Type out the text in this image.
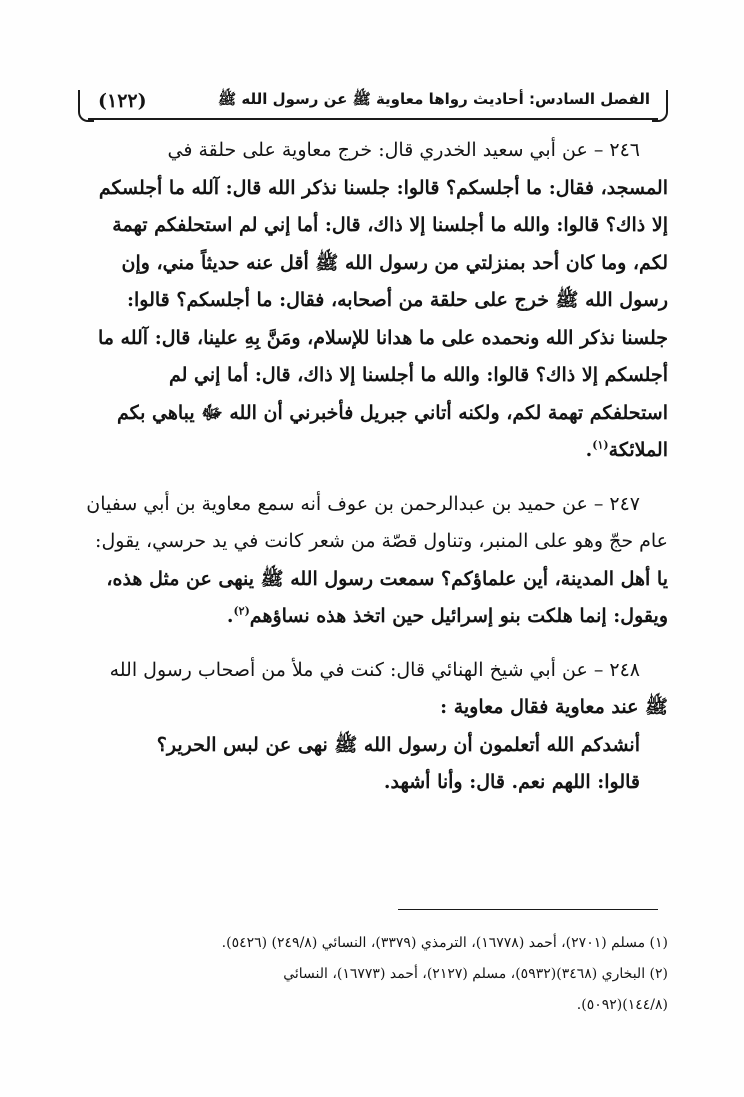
الفصل السادس: أحاديث رواها معاوية ﷺ عن رسول الله ﷺ
(١٢٢)
٢٤٦ – عن أبي سعيد الخدري قال: خرج معاوية على حلقة في
المسجد، فقال: ما أجلسكم؟ قالوا: جلسنا نذكر الله قال: آلله ما أجلسكم
إلا ذاك؟ قالوا: والله ما أجلسنا إلا ذاك، قال: أما إني لم استحلفكم تهمة
لكم، وما كان أحد بمنزلتي من رسول الله ﷺ أقل عنه حديثاً مني، وإن
رسول الله ﷺ خرج على حلقة من أصحابه، فقال: ما أجلسكم؟ قالوا:
جلسنا نذكر الله ونحمده على ما هدانا للإسلام، ومَنَّ بِهِ علينا، قال: آلله ما
أجلسكم إلا ذاك؟ قالوا: والله ما أجلسنا إلا ذاك، قال: أما إني لم
استحلفكم تهمة لكم، ولكنه أتاني جبريل فأخبرني أن الله ﷻ يباهي بكم
الملائكة$^{(١)}$.
٢٤٧ – عن حميد بن عبدالرحمن بن عوف أنه سمع معاوية بن أبي سفيان
عام حجّ وهو على المنبر، وتناول قصّة من شعر كانت في يد حرسي، يقول:
يا أهل المدينة، أين علماؤكم؟ سمعت رسول الله ﷺ ينهى عن مثل هذه،
ويقول: إنما هلكت بنو إسرائيل حين اتخذ هذه نساؤهم$^{(٢)}$.
٢٤٨ – عن أبي شيخ الهنائي قال: كنت في ملأ من أصحاب رسول الله
ﷺ عند معاوية فقال معاوية :
أنشدكم الله أتعلمون أن رسول الله ﷺ نهى عن لبس الحرير؟
قالوا: اللهم نعم. قال: وأنا أشهد.

(١) مسلم (٢٧٠١)، أحمد (١٦٧٧٨)، الترمذي (٣٣٧٩)، النسائي (٢٤٩/٨) (٥٤٢٦).

(٢) البخاري (٣٤٦٨)(٥٩٣٢)، مسلم (٢١٢٧)، أحمد (١٦٧٧٣)، النسائي

(١٤٤/٨)(٥٠٩٢).
